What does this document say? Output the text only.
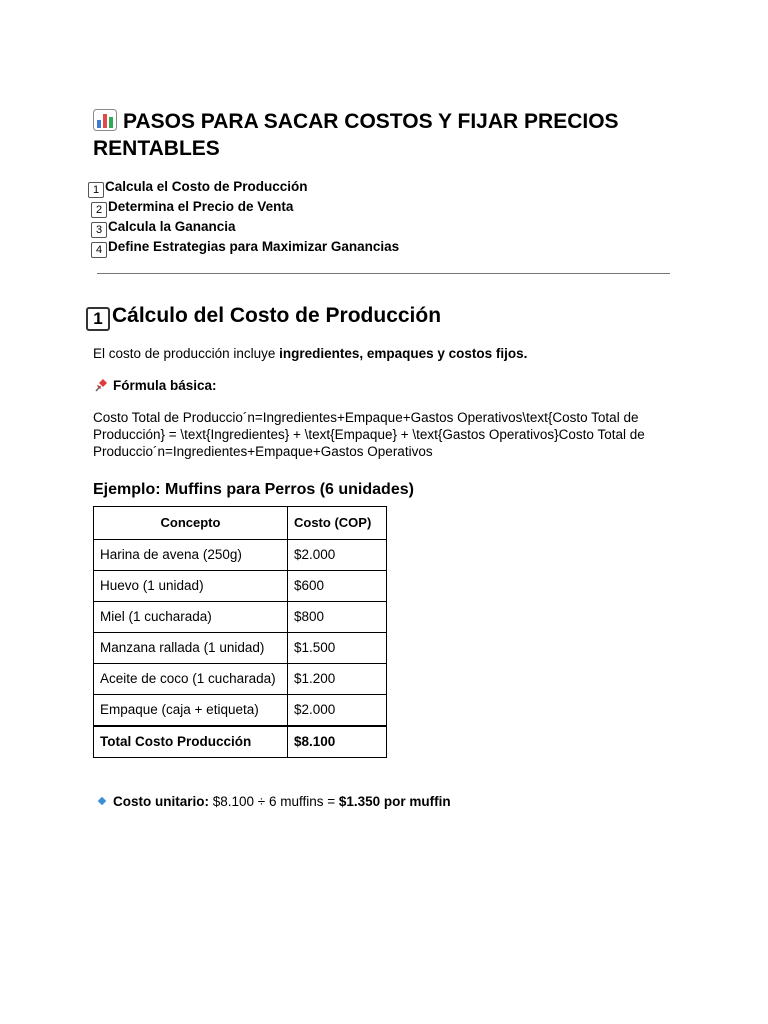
PASOS PARA SACAR COSTOS Y FIJAR PRECIOS RENTABLES
1 Calcula el Costo de Producción
2 Determina el Precio de Venta
3 Calcula la Ganancia
4 Define Estrategias para Maximizar Ganancias
1 Cálculo del Costo de Producción

El costo de producción incluye ingredientes, empaques y costos fijos.

Fórmula básica:

Costo Total de Produccio´n=Ingredientes+Empaque+Gastos Operativos\text{Costo Total de Producción} = \text{Ingredientes} + \text{Empaque} + \text{Gastos Operativos}Costo Total de Produccio´n=Ingredientes+Empaque+Gastos Operativos

Ejemplo: Muffins para Perros (6 unidades)
Concepto	Costo (COP)
Harina de avena (250g)	$2.000
Huevo (1 unidad)	$600
Miel (1 cucharada)	$800
Manzana rallada (1 unidad)	$1.500
Aceite de coco (1 cucharada)	$1.200
Empaque (caja + etiqueta)	$2.000
Total Costo Producción	$8.100
Costo unitario: $8.100 ÷ 6 muffins = $1.350 por muffin
